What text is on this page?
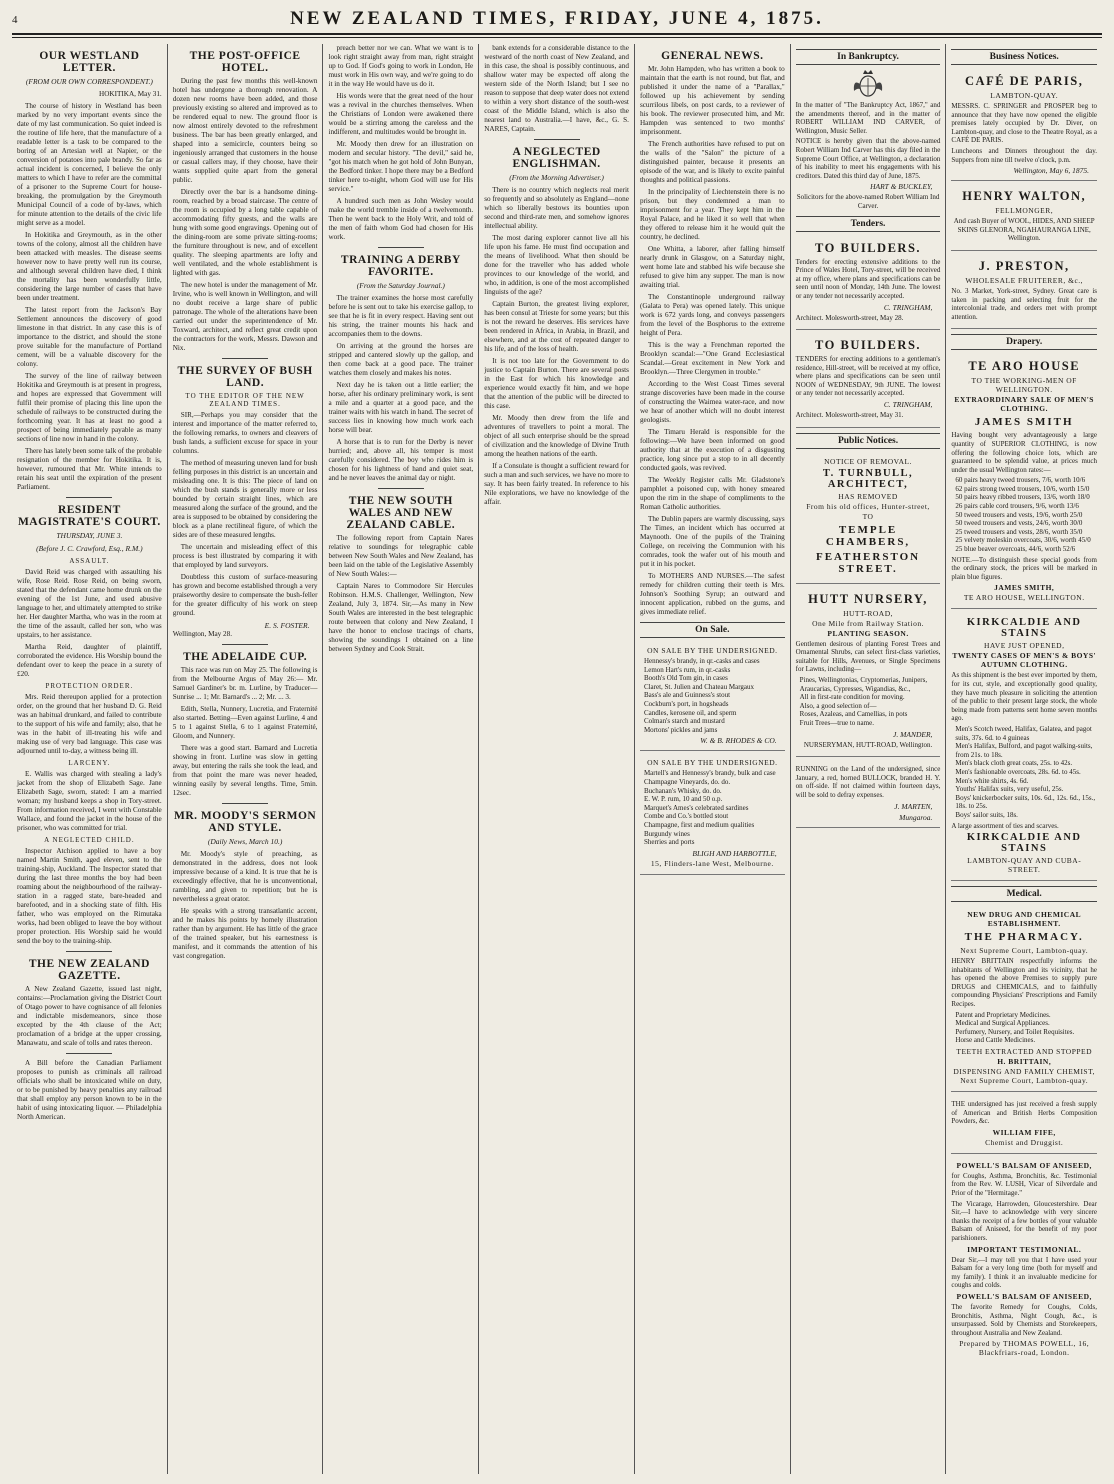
4	NEW ZEALAND TIMES, FRIDAY, JUNE 4, 1875.
OUR WESTLAND LETTER.
(FROM OUR OWN CORRESPONDENT.)

HOKITIKA, May 31.

The course of history in Westland has been marked by no very important events since the date of my last communication. So quiet indeed is the routine of life here, that the manufacture of a readable letter is a task to be compared to the boring of an Artesian well at Napier, or the conversion of potatoes into pale brandy. So far as actual incident is concerned, I believe the only matters to which I have to refer are the committal of a prisoner to the Supreme Court for house-breaking, the promulgation by the Greymouth Municipal Council of a code of by-laws, which for minute attention to the details of the civic life might serve as a model.

In Hokitika and Greymouth, as in the other towns of the colony, almost all the children have been attacked with measles. The disease seems however now to have pretty well run its course, and although several children have died, I think the mortality has been wonderfully little, considering the large number of cases that have been under treatment.

The latest report from the Jackson's Bay Settlement announces the discovery of good limestone in that district. In any case this is of importance to the district, and should the stone prove suitable for the manufacture of Portland cement, will be a valuable discovery for the colony.

The survey of the line of railway between Hokitika and Greymouth is at present in progress, and hopes are expressed that Government will fulfil their promise of placing this line upon the schedule of railways to be constructed during the forthcoming year. It has at least no good a prospect of being immediately payable as many sections of line now in hand in the colony.

There has lately been some talk of the probable resignation of the member for Hokitika. It is, however, rumoured that Mr. White intends to retain his seat until the expiration of the present Parliament.

RESIDENT MAGISTRATE'S COURT.
THURSDAY, JUNE 3.
(Before J. C. Crawford, Esq., R.M.)
ASSAULT.

David Reid was charged with assaulting his wife, Rose Reid. Rose Reid, on being sworn, stated that the defendant came home drunk on the evening of the 1st June, and used abusive language to her, and ultimately attempted to strike her. Her daughter Martha, who was in the room at the time of the assault, called her son, who was upstairs, to her assistance.

Martha Reid, daughter of plaintiff, corroborated the evidence. His Worship bound the defendant over to keep the peace in a surety of £20.

PROTECTION ORDER.

Mrs. Reid thereupon applied for a protection order, on the ground that her husband D. G. Reid was an habitual drunkard, and failed to contribute to the support of his wife and family; also, that he was in the habit of ill-treating his wife and making use of very bad language. This case was adjourned until to-day, a witness being ill.

LARCENY.

E. Wallis was charged with stealing a lady's jacket from the shop of Elizabeth Sage. Jane Elizabeth Sage, sworn, stated: I am a married woman; my husband keeps a shop in Tory-street. From information received, I went with Constable Wallace, and found the jacket in the house of the prisoner, who was committed for trial.

A NEGLECTED CHILD.

Inspector Atchison applied to have a boy named Martin Smith, aged eleven, sent to the training-ship, Auckland. The Inspector stated that during the last three months the boy had been roaming about the neighbourhood of the railway-station in a ragged state, bare-headed and barefooted, and in a shocking state of filth. His father, who was employed on the Rimutaka works, had been obliged to leave the boy without proper protection. His Worship said he would send the boy to the training-ship.

THE NEW ZEALAND GAZETTE.

A New Zealand Gazette, issued last night, contains:—Proclamation giving the District Court of Otago power to have cognisance of all felonies and indictable misdemeanors, since those excepted by the 4th clause of the Act; proclamation of a bridge at the upper crossing, Manawatu, and scale of tolls and rates thereon.

A Bill before the Canadian Parliament proposes to punish as criminals all railroad officials who shall be intoxicated while on duty, or to be punished by heavy penalties any railroad that shall employ any person known to be in the habit of using intoxicating liquor. — Philadelphia North American.

THE POST-OFFICE HOTEL.

During the past few months this well-known hotel has undergone a thorough renovation. A dozen new rooms have been added, and those previously existing so altered and improved as to be rendered equal to new. The ground floor is now almost entirely devoted to the refreshment business. The bar has been greatly enlarged, and shaped into a semicircle, counters being so ingeniously arranged that customers in the house or casual callers may, if they choose, have their wants supplied quite apart from the general public.

Directly over the bar is a handsome dining-room, reached by a broad staircase. The centre of the room is occupied by a long table capable of accommodating fifty guests, and the walls are hung with some good engravings. Opening out of the dining-room are some private sitting-rooms; the furniture throughout is new, and of excellent quality. The sleeping apartments are lofty and well ventilated, and the whole establishment is lighted with gas.

The new hotel is under the management of Mr. Irvine, who is well known in Wellington, and will no doubt receive a large share of public patronage. The whole of the alterations have been carried out under the superintendence of Mr. Toxward, architect, and reflect great credit upon the contractors for the work, Messrs. Dawson and Nix.

THE SURVEY OF BUSH LAND.
TO THE EDITOR OF THE NEW ZEALAND TIMES.

SIR,—Perhaps you may consider that the interest and importance of the matter referred to, the following remarks, to owners and cleavers of bush lands, a sufficient excuse for space in your columns.

The method of measuring uneven land for bush felling purposes in this district is an uncertain and misleading one. It is this: The piece of land on which the bush stands is generally more or less bounded by certain straight lines, which are measured along the surface of the ground, and the area is supposed to be obtained by considering the block as a plane rectilineal figure, of which the sides are of these measured lengths.

The uncertain and misleading effect of this process is best illustrated by comparing it with that employed by land surveyors.

Doubtless this custom of surface-measuring has grown and become established through a very praiseworthy desire to compensate the bush-feller for the greater difficulty of his work on steep ground.

E. S. FOSTER.

Wellington, May 28.

THE ADELAIDE CUP.

This race was run on May 25. The following is from the Melbourne Argus of May 26:— Mr. Samuel Gardiner's br. m. Lurline, by Traducer—Sunrise ... 1; Mr. Barnard's ... 2; Mr. ... 3.

Edith, Stella, Nunnery, Lucretia, and Fraternité also started. Betting—Even against Lurline, 4 and 5 to 1 against Stella, 6 to 1 against Fraternité, Gloom, and Nunnery.

There was a good start. Barnard and Lucretia showing in front. Lurline was slow in getting away, but entering the rails she took the lead, and from that point the mare was never headed, winning easily by several lengths. Time, 5min. 12sec.

MR. MOODY'S SERMON AND STYLE.
(Daily News, March 10.)

Mr. Moody's style of preaching, as demonstrated in the address, does not look impressive because of a kind. It is true that he is exceedingly effective, that he is unconventional, rambling, and given to repetition; but he is nevertheless a great orator.

He speaks with a strong transatlantic accent, and he makes his points by homely illustration rather than by argument. He has little of the grace of the trained speaker, but his earnestness is manifest, and it commands the attention of his vast congregation.

preach better nor we can. What we want is to look right straight away from man, right straight up to God. If God's going to work in London, He must work in His own way, and we're going to do it in the way He would have us do it.

His words were that the great need of the hour was a revival in the churches themselves. When the Christians of London were awakened there would be a stirring among the careless and the indifferent, and multitudes would be brought in.

Mr. Moody then drew for an illustration on modern and secular history. "The devil," said he, "got his match when he got hold of John Bunyan, the Bedford tinker. I hope there may be a Bedford tinker here to-night, whom God will use for His service."

A hundred such men as John Wesley would make the world tremble inside of a twelvemonth. Then he went back to the Holy Writ, and told of the men of faith whom God had chosen for His work.

TRAINING A DERBY FAVORITE.
(From the Saturday Journal.)

The trainer examines the horse most carefully before he is sent out to take his exercise gallop, to see that he is fit in every respect. Having sent out his string, the trainer mounts his hack and accompanies them to the downs.

On arriving at the ground the horses are stripped and cantered slowly up the gallop, and then come back at a good pace. The trainer watches them closely and makes his notes.

Next day he is taken out a little earlier; the horse, after his ordinary preliminary work, is sent a mile and a quarter at a good pace, and the trainer waits with his watch in hand. The secret of success lies in knowing how much work each horse will bear.

A horse that is to run for the Derby is never hurried; and, above all, his temper is most carefully considered. The boy who rides him is chosen for his lightness of hand and quiet seat, and he never leaves the animal day or night.

THE NEW SOUTH WALES AND NEW ZEALAND CABLE.

The following report from Captain Nares relative to soundings for telegraphic cable between New South Wales and New Zealand, has been laid on the table of the Legislative Assembly of New South Wales:—

Captain Nares to Commodore Sir Hercules Robinson. H.M.S. Challenger, Wellington, New Zealand, July 3, 1874. Sir,—As many in New South Wales are interested in the best telegraphic route between that colony and New Zealand, I have the honor to enclose tracings of charts, showing the soundings I obtained on a line between Sydney and Cook Strait.

bank extends for a considerable distance to the westward of the north coast of New Zealand, and in this case, the shoal is possibly continuous, and shallow water may be expected off along the western side of the North Island; but I see no reason to suppose that deep water does not extend to within a very short distance of the south-west coast of the Middle Island, which is also the nearest land to Australia.—I have, &c., G. S. NARES, Captain.

A NEGLECTED ENGLISHMAN.
(From the Morning Advertiser.)

There is no country which neglects real merit so frequently and so absolutely as England—none which so liberally bestows its bounties upon second and third-rate men, and somehow ignores intellectual ability.

The most daring explorer cannot live all his life upon his fame. He must find occupation and the means of livelihood. What then should be done for the traveller who has added whole provinces to our knowledge of the world, and who, in addition, is one of the most accomplished linguists of the age?

Captain Burton, the greatest living explorer, has been consul at Trieste for some years; but this is not the reward he deserves. His services have been rendered in Africa, in Arabia, in Brazil, and elsewhere, and at the cost of repeated danger to his life, and of the loss of health.

It is not too late for the Government to do justice to Captain Burton. There are several posts in the East for which his knowledge and experience would exactly fit him, and we hope that the attention of the public will be directed to this case.

Mr. Moody then drew from the life and adventures of travellers to point a moral. The object of all such enterprise should be the spread of civilization and the knowledge of Divine Truth among the heathen nations of the earth.

If a Consulate is thought a sufficient reward for such a man and such services, we have no more to say. It has been fairly treated. In reference to his Nile explorations, we have no knowledge of the affair.

GENERAL NEWS.

Mr. John Hampden, who has written a book to maintain that the earth is not round, but flat, and published it under the name of a "Parallax," followed up his achievement by sending scurrilous libels, on post cards, to a reviewer of his book. The reviewer prosecuted him, and Mr. Hampden was sentenced to two months' imprisonment.

The French authorities have refused to put on the walls of the "Salon" the picture of a distinguished painter, because it presents an episode of the war, and is likely to excite painful thoughts and political passions.

In the principality of Liechtenstein there is no prison, but they condemned a man to imprisonment for a year. They kept him in the Royal Palace, and he liked it so well that when they offered to release him it he would quit the country, he declined.

One Whitta, a laborer, after falling himself nearly drunk in Glasgow, on a Saturday night, went home late and stabbed his wife because she refused to give him any supper. The man is now awaiting trial.

The Constantinople underground railway (Galata to Pera) was opened lately. This unique work is 672 yards long, and conveys passengers from the level of the Bosphorus to the extreme height of Pera.

This is the way a Frenchman reported the Brooklyn scandal:—"One Grand Ecclesiastical Scandal.—Great excitement in New York and Brooklyn.—Three Clergymen in trouble."

According to the West Coast Times several strange discoveries have been made in the course of constructing the Waimea water-race, and now we hear of another which will no doubt interest geologists.

The Timaru Herald is responsible for the following:—We have been informed on good authority that at the execution of a disgusting practice, long since put a stop to in all decently conducted gaols, was revived.

The Weekly Register calls Mr. Gladstone's pamphlet a poisoned cup, with honey smeared upon the rim in the shape of compliments to the Roman Catholic authorities.

The Dublin papers are warmly discussing, says The Times, an incident which has occurred at Maynooth. One of the pupils of the Training College, on receiving the Communion with his comrades, took the wafer out of his mouth and put it in his pocket.

To MOTHERS AND NURSES.—The safest remedy for children cutting their teeth is Mrs. Johnson's Soothing Syrup; an outward and innocent application, rubbed on the gums, and gives immediate relief.

On Sale.
ON SALE BY THE UNDERSIGNED.
Hennessy's brandy, in qr.-casks and cases
Lemon Hart's rum, in qr.-casks
Booth's Old Tom gin, in cases
Claret, St. Julien and Chateau Margaux
Bass's ale and Guinness's stout
Cockburn's port, in hogsheads
Candles, kerosene oil, and sperm
Colman's starch and mustard
Mortons' pickles and jams
W. & B. RHODES & CO.
ON SALE BY THE UNDERSIGNED.
Martell's and Hennessy's brandy, bulk and case
Champagne Vineyards, do. do.
Buchanan's Whisky, do. do.
E. W. P. rum, 10 and 50 o.p.
Marquet's Ames's celebrated sardines
Combe and Co.'s bottled stout
Champagne, first and medium qualities
Burgundy wines
Sherries and ports
BLIGH AND HARBOTTLE,
15, Flinders-lane West, Melbourne.
In Bankruptcy.

In the matter of "The Bankruptcy Act, 1867," and the amendments thereof, and in the matter of ROBERT WILLIAM IND CARVER, of Wellington, Music Seller.

NOTICE is hereby given that the above-named Robert William Ind Carver has this day filed in the Supreme Court Office, at Wellington, a declaration of his inability to meet his engagements with his creditors. Dated this third day of June, 1875.

HART & BUCKLEY,

Solicitors for the above-named Robert William Ind Carver.

Tenders.
TO BUILDERS.

Tenders for erecting extensive additions to the Prince of Wales Hotel, Tory-street, will be received at my office, where plans and specifications can be seen until noon of Monday, 14th June. The lowest or any tender not necessarily accepted.

C. TRINGHAM,

Architect. Molesworth-street, May 28.

TO BUILDERS.

TENDERS for erecting additions to a gentleman's residence, Hill-street, will be received at my office, where plans and specifications can be seen until NOON of WEDNESDAY, 9th JUNE. The lowest or any tender not necessarily accepted.

C. TRINGHAM,

Architect. Molesworth-street, May 31.

Public Notices.
NOTICE OF REMOVAL.
T. TURNBULL, ARCHITECT,
HAS REMOVED
From his old offices, Hunter-street,
TO
TEMPLE CHAMBERS,
FEATHERSTON STREET.
HUTT NURSERY,
HUTT-ROAD,
One Mile from Railway Station.
PLANTING SEASON.

Gentlemen desirous of planting Forest Trees and Ornamental Shrubs, can select first-class varieties, suitable for Hills, Avenues, or Single Specimens for Lawns, including—

Pines, Wellingtonias, Cryptomerias, Junipers, Araucarias, Cypresses, Wigandias, &c.,
All in first-rate condition for moving.
Also, a good selection of—
Roses, Azaleas, and Camellias, in pots
Fruit Trees—true to name.
J. MANDER,

NURSERYMAN, HUTT-ROAD, Wellington.

RUNNING on the Land of the undersigned, since January, a red, horned BULLOCK, branded H. Y. on off-side. If not claimed within fourteen days, will be sold to defray expenses.

J. MARTEN,
Mungaroa.
Business Notices.
CAFÉ DE PARIS,
LAMBTON-QUAY.

MESSRS. C. SPRINGER and PROSPER beg to announce that they have now opened the eligible premises lately occupied by Dr. Diver, on Lambton-quay, and close to the Theatre Royal, as a CAFÉ DE PARIS.

Luncheons and Dinners throughout the day. Suppers from nine till twelve o'clock, p.m.

Wellington, May 6, 1875.
HENRY WALTON,
FELLMONGER,

And cash Buyer of WOOL, HIDES, AND SHEEP SKINS GLENORA, NGAHAURANGA LINE, Wellington.

J. PRESTON,
WHOLESALE FRUITERER, &c.,

No. 3 Market, York-street, Sydney. Great care is taken in packing and selecting fruit for the intercolonial trade, and orders met with prompt attention.

Drapery.
TE ARO HOUSE
TO THE WORKING-MEN OF WELLINGTON.
EXTRAORDINARY SALE OF MEN'S CLOTHING.
JAMES SMITH

Having bought very advantageously a large quantity of SUPERIOR CLOTHING, is now offering the following choice lots, which are guaranteed to be splendid value, at prices much under the usual Wellington rates:—

60 pairs heavy tweed trousers, 7/6, worth 10/6
62 pairs strong tweed trousers, 10/6, worth 15/0
50 pairs heavy ribbed trousers, 13/6, worth 18/0
26 pairs cable cord trousers, 9/6, worth 13/6
50 tweed trousers and vests, 19/6, worth 25/0
50 tweed trousers and vests, 24/6, worth 30/0
25 tweed trousers and vests, 28/6, worth 35/0
25 velvety moleskin overcoats, 30/6, worth 45/0
25 blue beaver overcoats, 44/6, worth 52/6

NOTE.—To distinguish these special goods from the ordinary stock, the prices will be marked in plain blue figures.

JAMES SMITH,
TE ARO HOUSE, WELLINGTON.
KIRKCALDIE AND STAINS
HAVE JUST OPENED,
TWENTY CASES OF MEN'S & BOYS' AUTUMN CLOTHING.

As this shipment is the best ever imported by them, for its cut, style, and exceptionally good quality, they have much pleasure in soliciting the attention of the public to their present large stock, the whole being made from patterns sent home seven months ago.

Men's Scotch tweed, Halifax, Galatea, and pagot suits, 37s. 6d. to 4 guineas
Men's Halifax, Bulford, and pagot walking-suits, from 21s. to 18s.
Men's black cloth great coats, 25s. to 42s.
Men's fashionable overcoats, 28s. 6d. to 45s.
Men's white shirts, 4s. 6d.
Youths' Halifax suits, very useful, 25s.
Boys' knickerbocker suits, 10s. 6d., 12s. 6d., 15s., 18s. to 25s.
Boys' sailor suits, 18s.

A large assortment of ties and scarves.

KIRKCALDIE AND STAINS
LAMBTON-QUAY AND CUBA-STREET.
Medical.
NEW DRUG AND CHEMICAL ESTABLISHMENT.
THE PHARMACY.
Next Supreme Court, Lambton-quay.

HENRY BRITTAIN respectfully informs the inhabitants of Wellington and its vicinity, that he has opened the above Premises to supply pure DRUGS and CHEMICALS, and to faithfully compounding Physicians' Prescriptions and Family Recipes.

Patent and Proprietary Medicines.
Medical and Surgical Appliances.
Perfumery, Nursery, and Toilet Requisites.
Horse and Cattle Medicines.
TEETH EXTRACTED AND STOPPED
H. BRITTAIN,
DISPENSING AND FAMILY CHEMIST, Next Supreme Court, Lambton-quay.

THE undersigned has just received a fresh supply of American and British Herbs Composition Powders, &c.

WILLIAM FIFE,
Chemist and Druggist.
POWELL'S BALSAM OF ANISEED,

for Coughs, Asthma, Bronchitis, &c. Testimonial from the Rev. W. LUSH, Vicar of Silverdale and Prior of the "Hermitage."

The Vicarage, Harrowden, Gloucestershire. Dear Sir,—I have to acknowledge with very sincere thanks the receipt of a few bottles of your valuable Balsam of Aniseed, for the benefit of my poor parishioners.

IMPORTANT TESTIMONIAL.

Dear Sir,—I may tell you that I have used your Balsam for a very long time (both for myself and my family). I think it an invaluable medicine for coughs and colds.

POWELL'S BALSAM OF ANISEED,

The favorite Remedy for Coughs, Colds, Bronchitis, Asthma, Night Cough, &c., is unsurpassed. Sold by Chemists and Storekeepers, throughout Australia and New Zealand.

Prepared by THOMAS POWELL, 16, Blackfriars-road, London.
